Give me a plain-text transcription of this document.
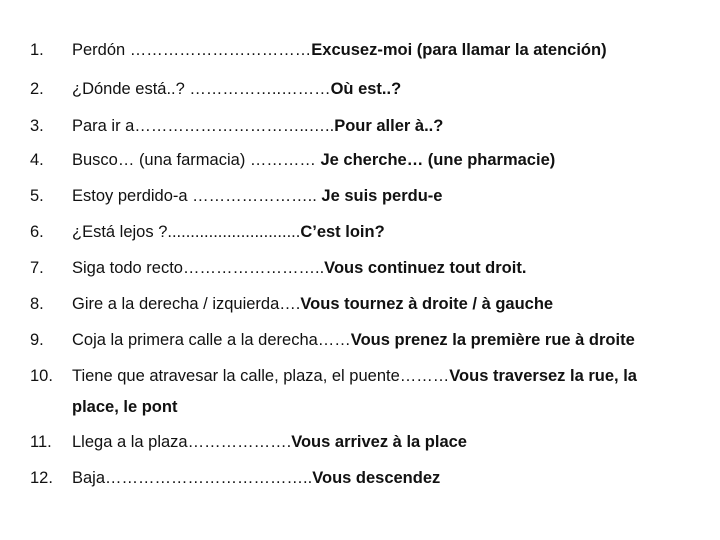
1. Perdón ……………………………Excusez-moi (para llamar la atención)
2. ¿Dónde está..? ……………..………Où est..?
3. Para ir a…………………………..…..Pour aller à..?
4. Busco… (una farmacia) ………… Je cherche… (une pharmacie)
5. Estoy perdido-a ………………….. Je suis perdu-e
6. ¿Está lejos ?.............................C’est loin?
7. Siga todo recto……………………..Vous continuez tout droit.
8. Gire a la derecha / izquierda….Vous tournez à droite / à gauche
9. Coja la primera calle a la derecha……Vous prenez la première rue à droite
10. Tiene que atravesar la calle, plaza, el puente………Vous traversez la rue, la
place, le pont
11. Llega a la plaza……………….Vous arrivez à la place
12. Baja………………………………..Vous descendez
